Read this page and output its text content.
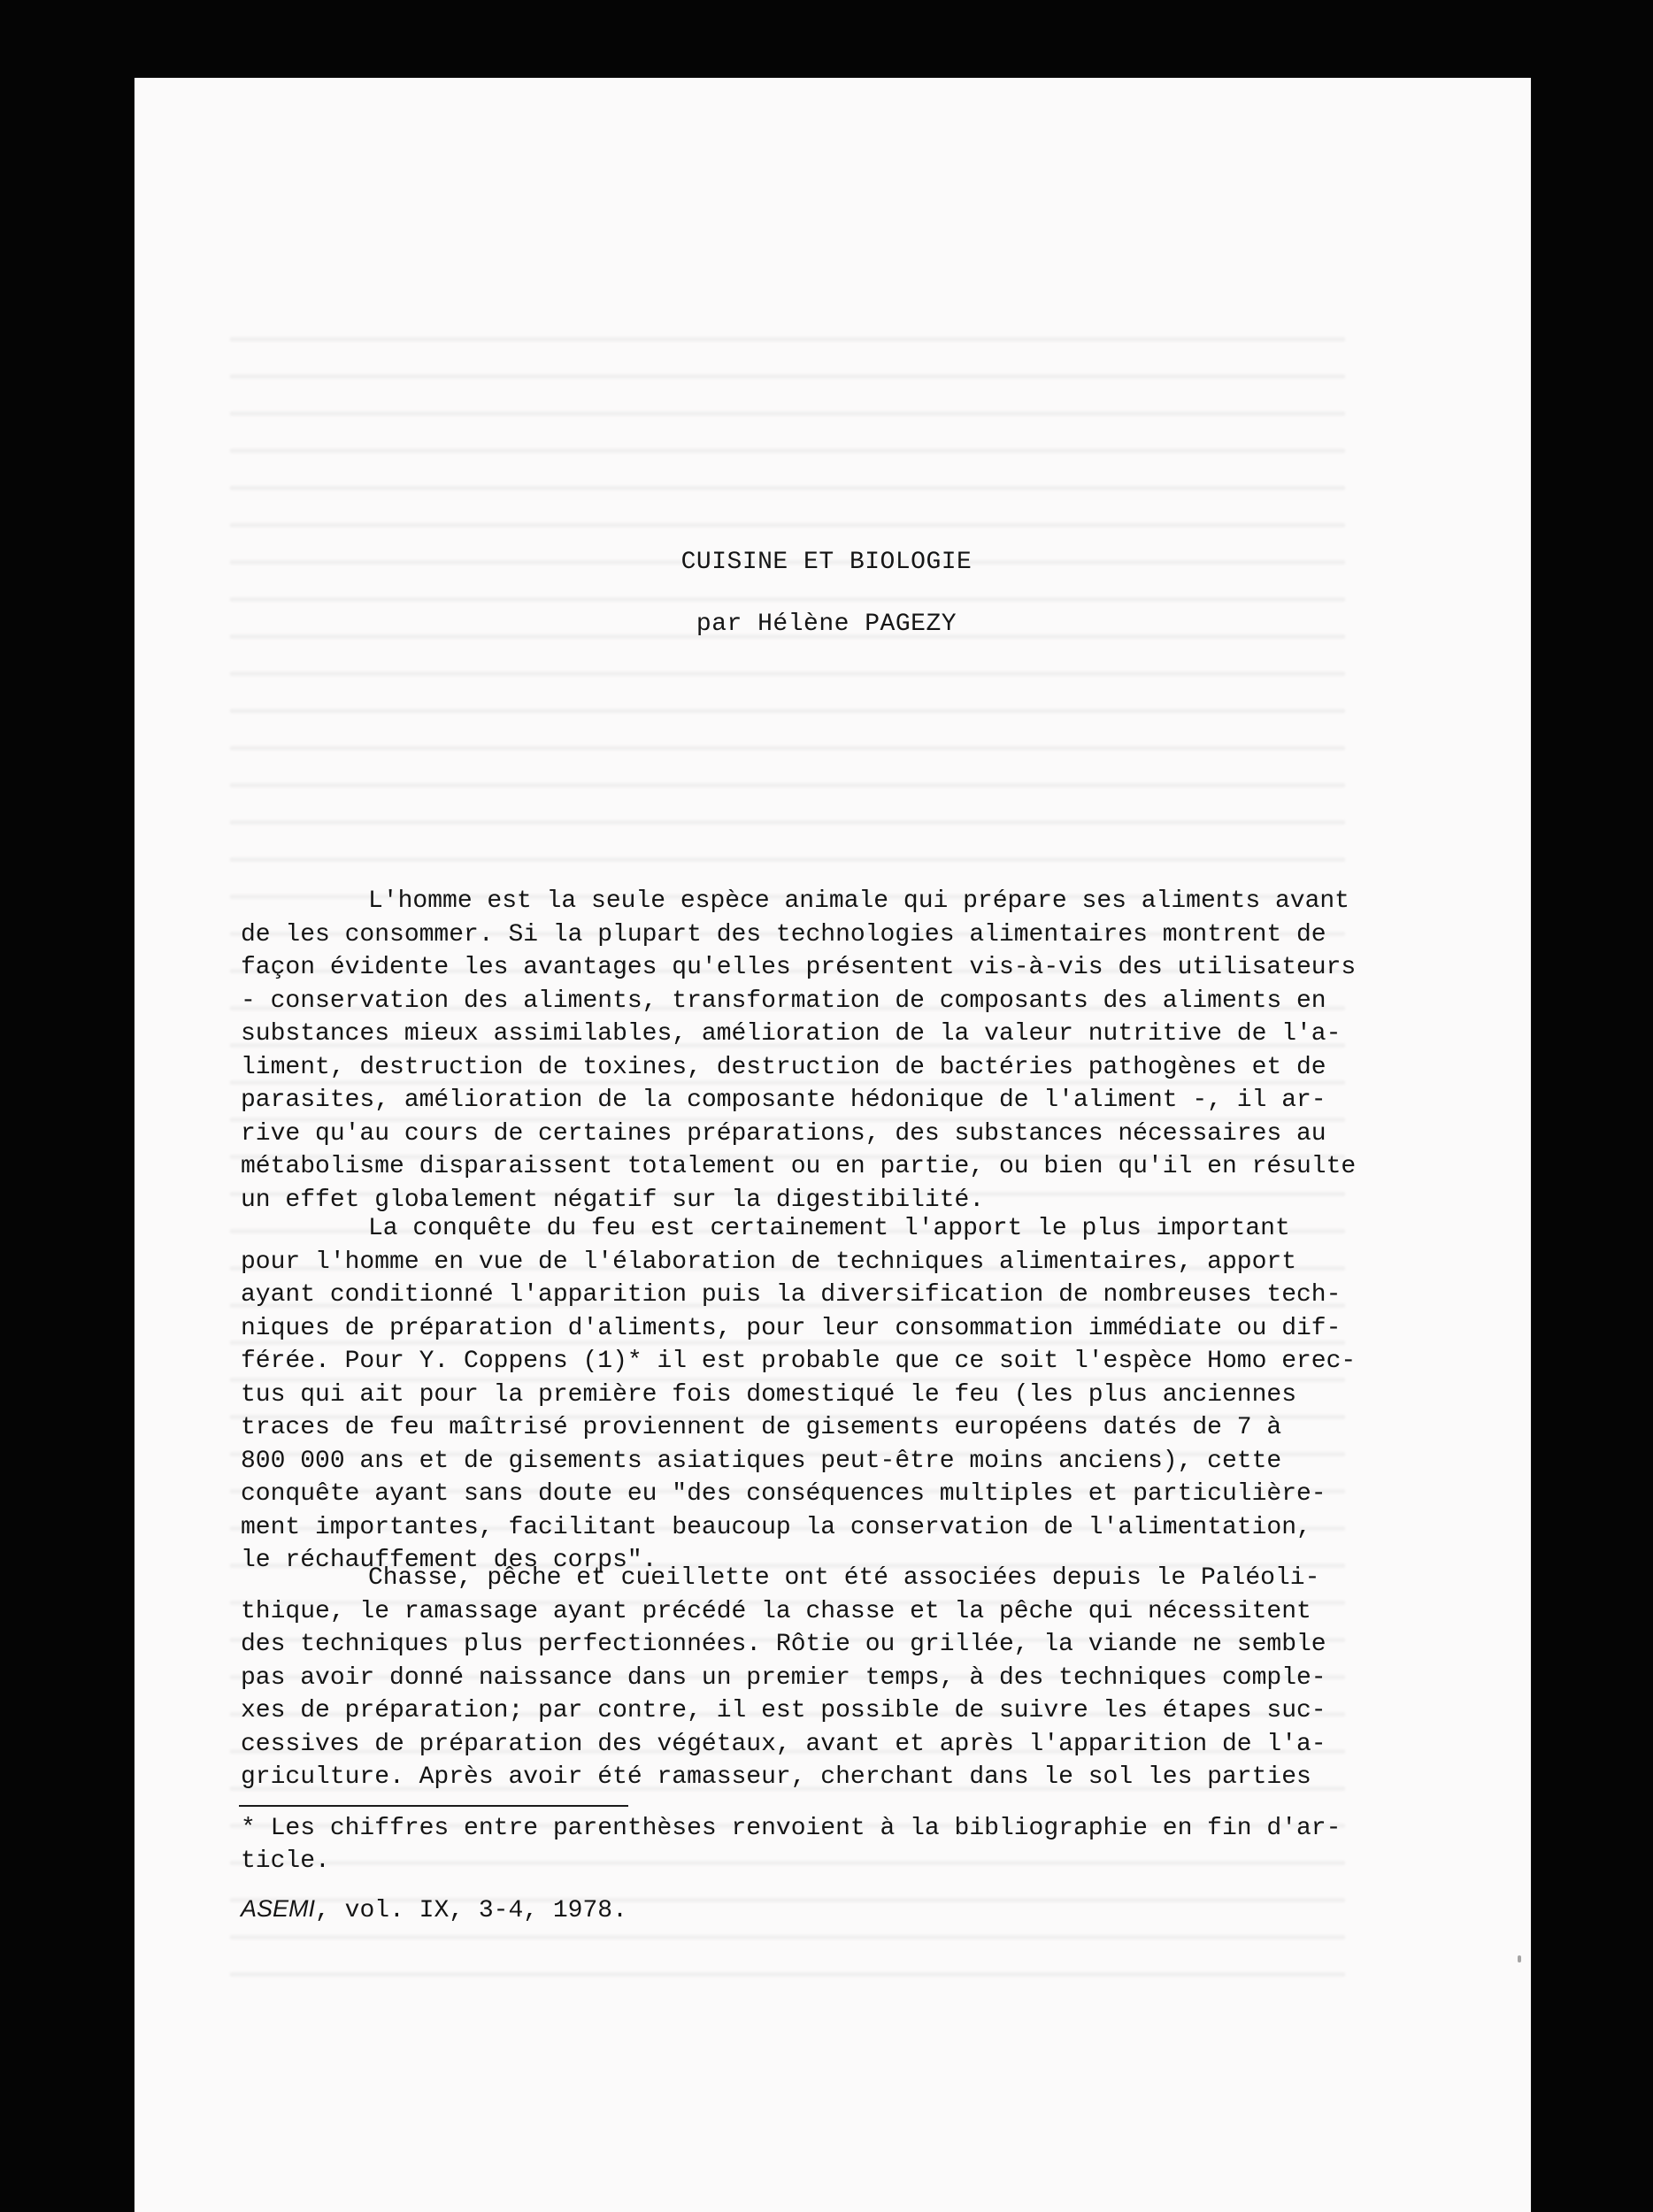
CUISINE ET BIOLOGIE
par Hélène PAGEZY
L'homme est la seule espèce animale qui prépare ses aliments avant
de les consommer. Si la plupart des technologies alimentaires montrent de
façon évidente les avantages qu'elles présentent vis-à-vis des utilisateurs
- conservation des aliments, transformation de composants des aliments en
substances mieux assimilables, amélioration de la valeur nutritive de l'a-
liment, destruction de toxines, destruction de bactéries pathogènes et de
parasites, amélioration de la composante hédonique de l'aliment -, il ar-
rive qu'au cours de certaines préparations, des substances nécessaires au
métabolisme disparaissent totalement ou en partie, ou bien qu'il en résulte
un effet globalement négatif sur la digestibilité.
La conquête du feu est certainement l'apport le plus important
pour l'homme en vue de l'élaboration de techniques alimentaires, apport
ayant conditionné l'apparition puis la diversification de nombreuses tech-
niques de préparation d'aliments, pour leur consommation immédiate ou dif-
férée. Pour Y. Coppens (1)* il est probable que ce soit l'espèce Homo erec-
tus qui ait pour la première fois domestiqué le feu (les plus anciennes
traces de feu maîtrisé proviennent de gisements européens datés de 7 à
800 000 ans et de gisements asiatiques peut-être moins anciens), cette
conquête ayant sans doute eu "des conséquences multiples et particulière-
ment importantes, facilitant beaucoup la conservation de l'alimentation,
le réchauffement des corps".
Chasse, pêche et cueillette ont été associées depuis le Paléoli-
thique, le ramassage ayant précédé la chasse et la pêche qui nécessitent
des techniques plus perfectionnées. Rôtie ou grillée, la viande ne semble
pas avoir donné naissance dans un premier temps, à des techniques comple-
xes de préparation; par contre, il est possible de suivre les étapes suc-
cessives de préparation des végétaux, avant et après l'apparition de l'a-
griculture. Après avoir été ramasseur, cherchant dans le sol les parties
* Les chiffres entre parenthèses renvoient à la bibliographie en fin d'ar-
ticle.
ASEMI, vol. IX, 3-4, 1978.
